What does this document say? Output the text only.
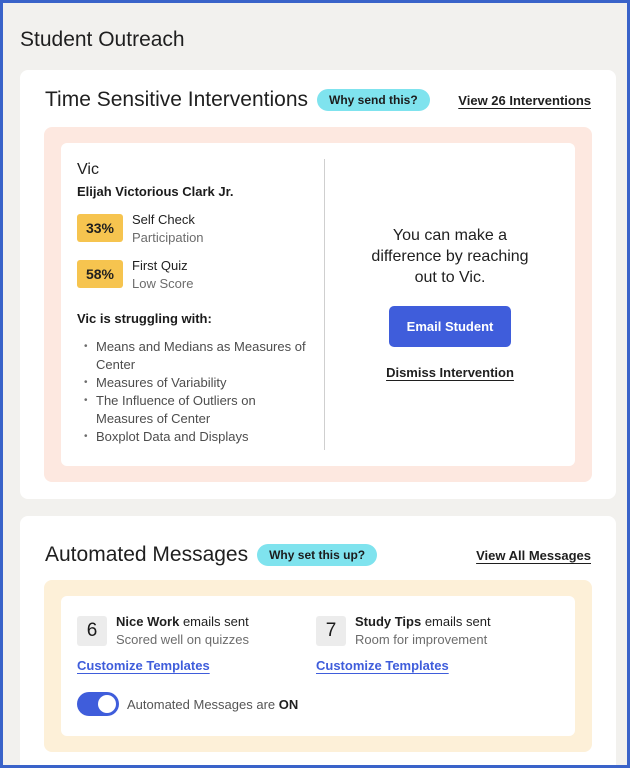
Student Outreach
Time Sensitive Interventions	Why send this?	View 26 Interventions
Vic
Elijah Victorious Clark Jr.
33%
Self Check
Participation
58%
First Quiz
Low Score
Vic is struggling with:
• Means and Medians as Measures of Center
• Measures of Variability
• The Influence of Outliers on Measures of Center
• Boxplot Data and Displays
You can make a difference by reaching out to Vic.
Email Student
Dismiss Intervention
Automated Messages	Why set this up?	View All Messages
6	Nice Work emails sent
Scored well on quizzes
Customize Templates
7	Study Tips emails sent
Room for improvement
Customize Templates
Automated Messages are ON
